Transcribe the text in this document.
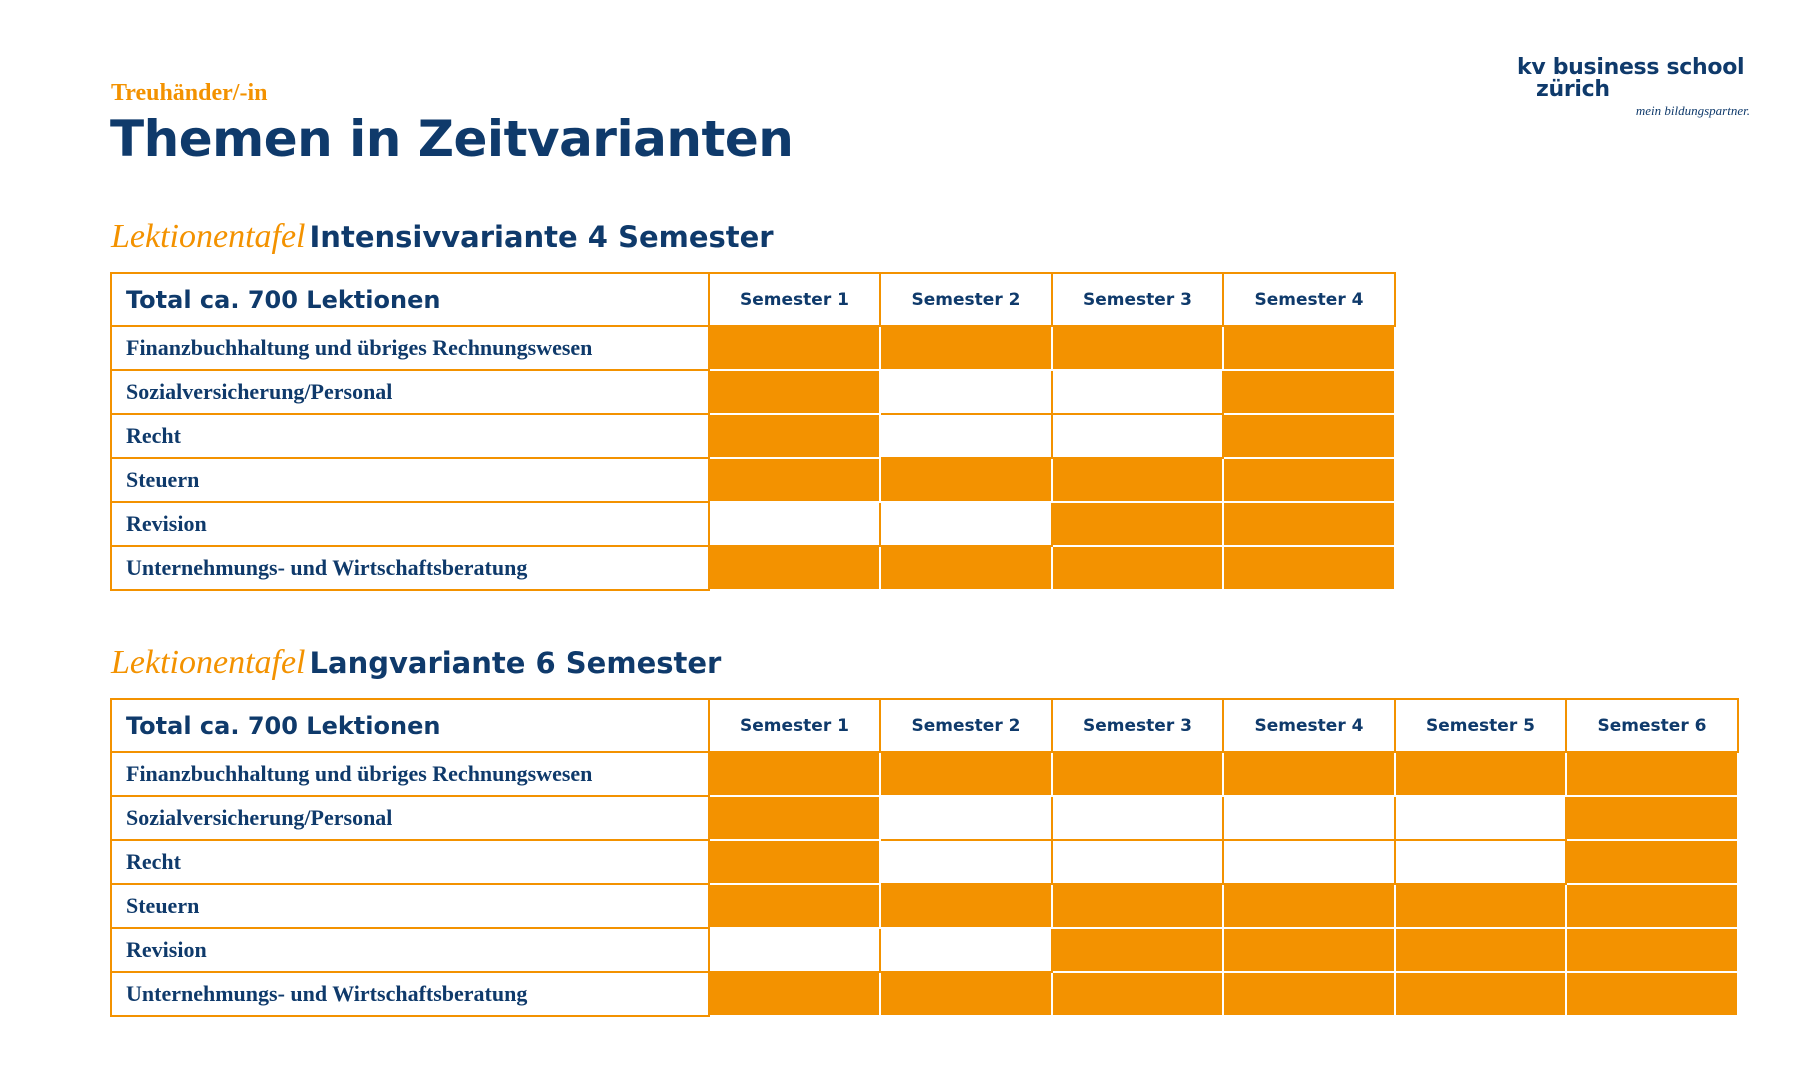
Treuhänder/-in
Themen in Zeitvarianten
kv business school
zürich
mein bildungspartner.
Lektionentafel Intensivvariante 4 Semester
Total ca. 700 Lektionen	Semester 1	Semester 2	Semester 3	Semester 4
Finanzbuchhaltung und übriges Rechnungswesen				
Sozialversicherung/Personal				
Recht				
Steuern				
Revision				
Unternehmungs- und Wirtschaftsberatung				
Lektionentafel Langvariante 6 Semester
Total ca. 700 Lektionen	Semester 1	Semester 2	Semester 3	Semester 4	Semester 5	Semester 6
Finanzbuchhaltung und übriges Rechnungswesen						
Sozialversicherung/Personal						
Recht						
Steuern						
Revision						
Unternehmungs- und Wirtschaftsberatung						
